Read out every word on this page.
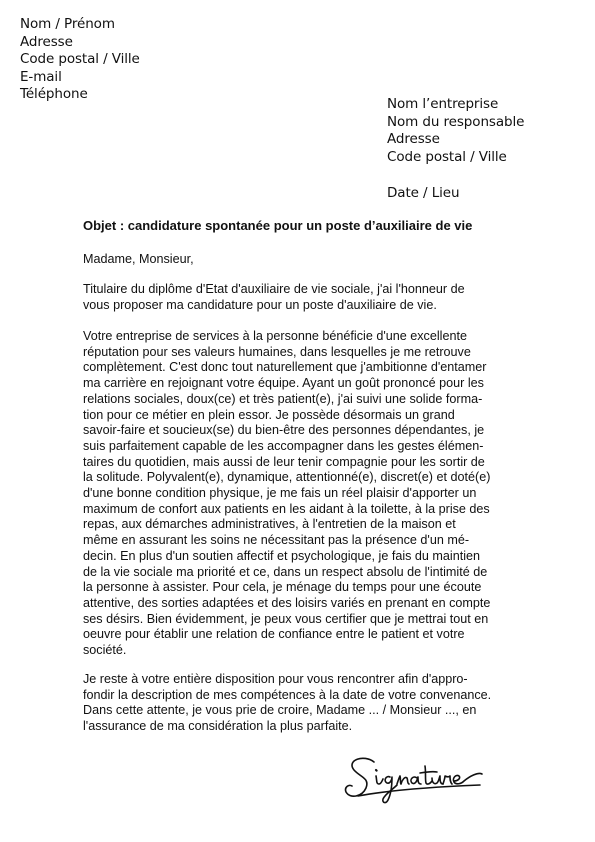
Nom / Prénom
Adresse
Code postal / Ville
E-mail
Téléphone
Nom l’entreprise
Nom du responsable
Adresse
Code postal / Ville
Date / Lieu
Objet : candidature spontanée pour un poste d’auxiliaire de vie
Madame, Monsieur,
Titulaire du diplôme d'Etat d'auxiliaire de vie sociale, j'ai l'honneur de
vous proposer ma candidature pour un poste d'auxiliaire de vie.
Votre entreprise de services à la personne bénéficie d'une excellente
réputation pour ses valeurs humaines, dans lesquelles je me retrouve
complètement. C'est donc tout naturellement que j'ambitionne d'entamer
ma carrière en rejoignant votre équipe. Ayant un goût prononcé pour les
relations sociales, doux(ce) et très patient(e), j'ai suivi une solide forma-
tion pour ce métier en plein essor. Je possède désormais un grand
savoir-faire et soucieux(se) du bien-être des personnes dépendantes, je
suis parfaitement capable de les accompagner dans les gestes élémen-
taires du quotidien, mais aussi de leur tenir compagnie pour les sortir de
la solitude. Polyvalent(e), dynamique, attentionné(e), discret(e) et doté(e)
d'une bonne condition physique, je me fais un réel plaisir d'apporter un
maximum de confort aux patients en les aidant à la toilette, à la prise des
repas, aux démarches administratives, à l'entretien de la maison et
même en assurant les soins ne nécessitant pas la présence d'un mé-
decin. En plus d'un soutien affectif et psychologique, je fais du maintien
de la vie sociale ma priorité et ce, dans un respect absolu de l'intimité de
la personne à assister. Pour cela, je ménage du temps pour une écoute
attentive, des sorties adaptées et des loisirs variés en prenant en compte
ses désirs. Bien évidemment, je peux vous certifier que je mettrai tout en
oeuvre pour établir une relation de confiance entre le patient et votre
société.
Je reste à votre entière disposition pour vous rencontrer afin d'appro-
fondir la description de mes compétences à la date de votre convenance.
Dans cette attente, je vous prie de croire, Madame ... / Monsieur ..., en
l'assurance de ma considération la plus parfaite.
